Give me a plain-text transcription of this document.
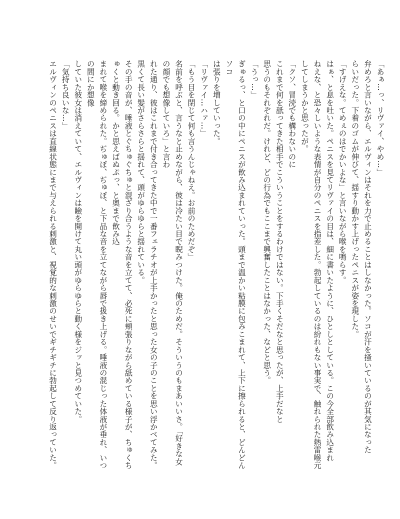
「あぁ…っ、リヴァイ、やめ…」

弁めろと言いながら、エルヴィンはそれを力で止めることはしなかった。ソコが汗を掻いているのが其気になった

らいだった。下着のゴムが伸びて、揺すり動かす上げったペニスが姿を現した。

「すげえな。てめぇのはでかいよな」と言いながら喉を鳴らす。

はぁ、と息を吐いた。ペニスを見てリヴァイの目は、細に書いたように、ひとしとしている。この今全部飲み込まれ

ねえな、と恐々しいような表情が自分のペニスを指差した。勃起しているのは紛れもない事実で、触れられた熱雷喉元

してしまうかと思ったが。

「クソ、冒涜でも構わないのに

これまで何を舐ってきた相手でこういうことをするわけではない。下手くそだなと思ったが、上手だなと

思うのもそれぞれだ。けれど、どの行為でもここまで興奮したことはなかった、などと思う。

「うっ…」

ぎゅるっ、と口の中にペニスが飲み込まれていった。頭まで温かい粘膜に包みこまれて、上下に擦られると、どんどんソコ

は張りを増していった。

「リヴァイ…ハァ…」

「もう目を閉じて何も言うんじゃねえ。お前のためだぞ」

名前を呼ぶと、言うなと止めながら、彼は冷たい目で睨みつけた。俺のためだ。そういうのもまあいいさ。「好きな女の顔でも想像していろ」と言わ

れた通り、彼はこれまで付き合ってきた中で一番フェラチオが上手かったと思った女の子のことを思い浮かべてみた。

黒くて長い髪がさらさらと揺れて、頭がゆらゆらと揺れている。

その手の音が、唾液とぐちゅぐちゅと混ざり合うような音を立てて、必死に頬張りながら舐めている様子が、ちゅくちゅくと動き回る。かと思えばぬぷっ、と奥まで飲み込

まれて喉を締められた。ぢゅぼ、ぢゅぼ、と下品な音を立てながら唇で扱き上げる。唾液の混じった体液が垂れ、いつの間にか想像

していた彼女は消えていて、エルヴィンは瞼を開けて丸い頭がゆらゆらと動く様をジッと見つめていた。

「気持ち良いな…」

エルヴィンのペニスは直線状態にまで与えられる刺激と、視覚的な刺激のせいでギチギチに勃起して反り返っていた。
